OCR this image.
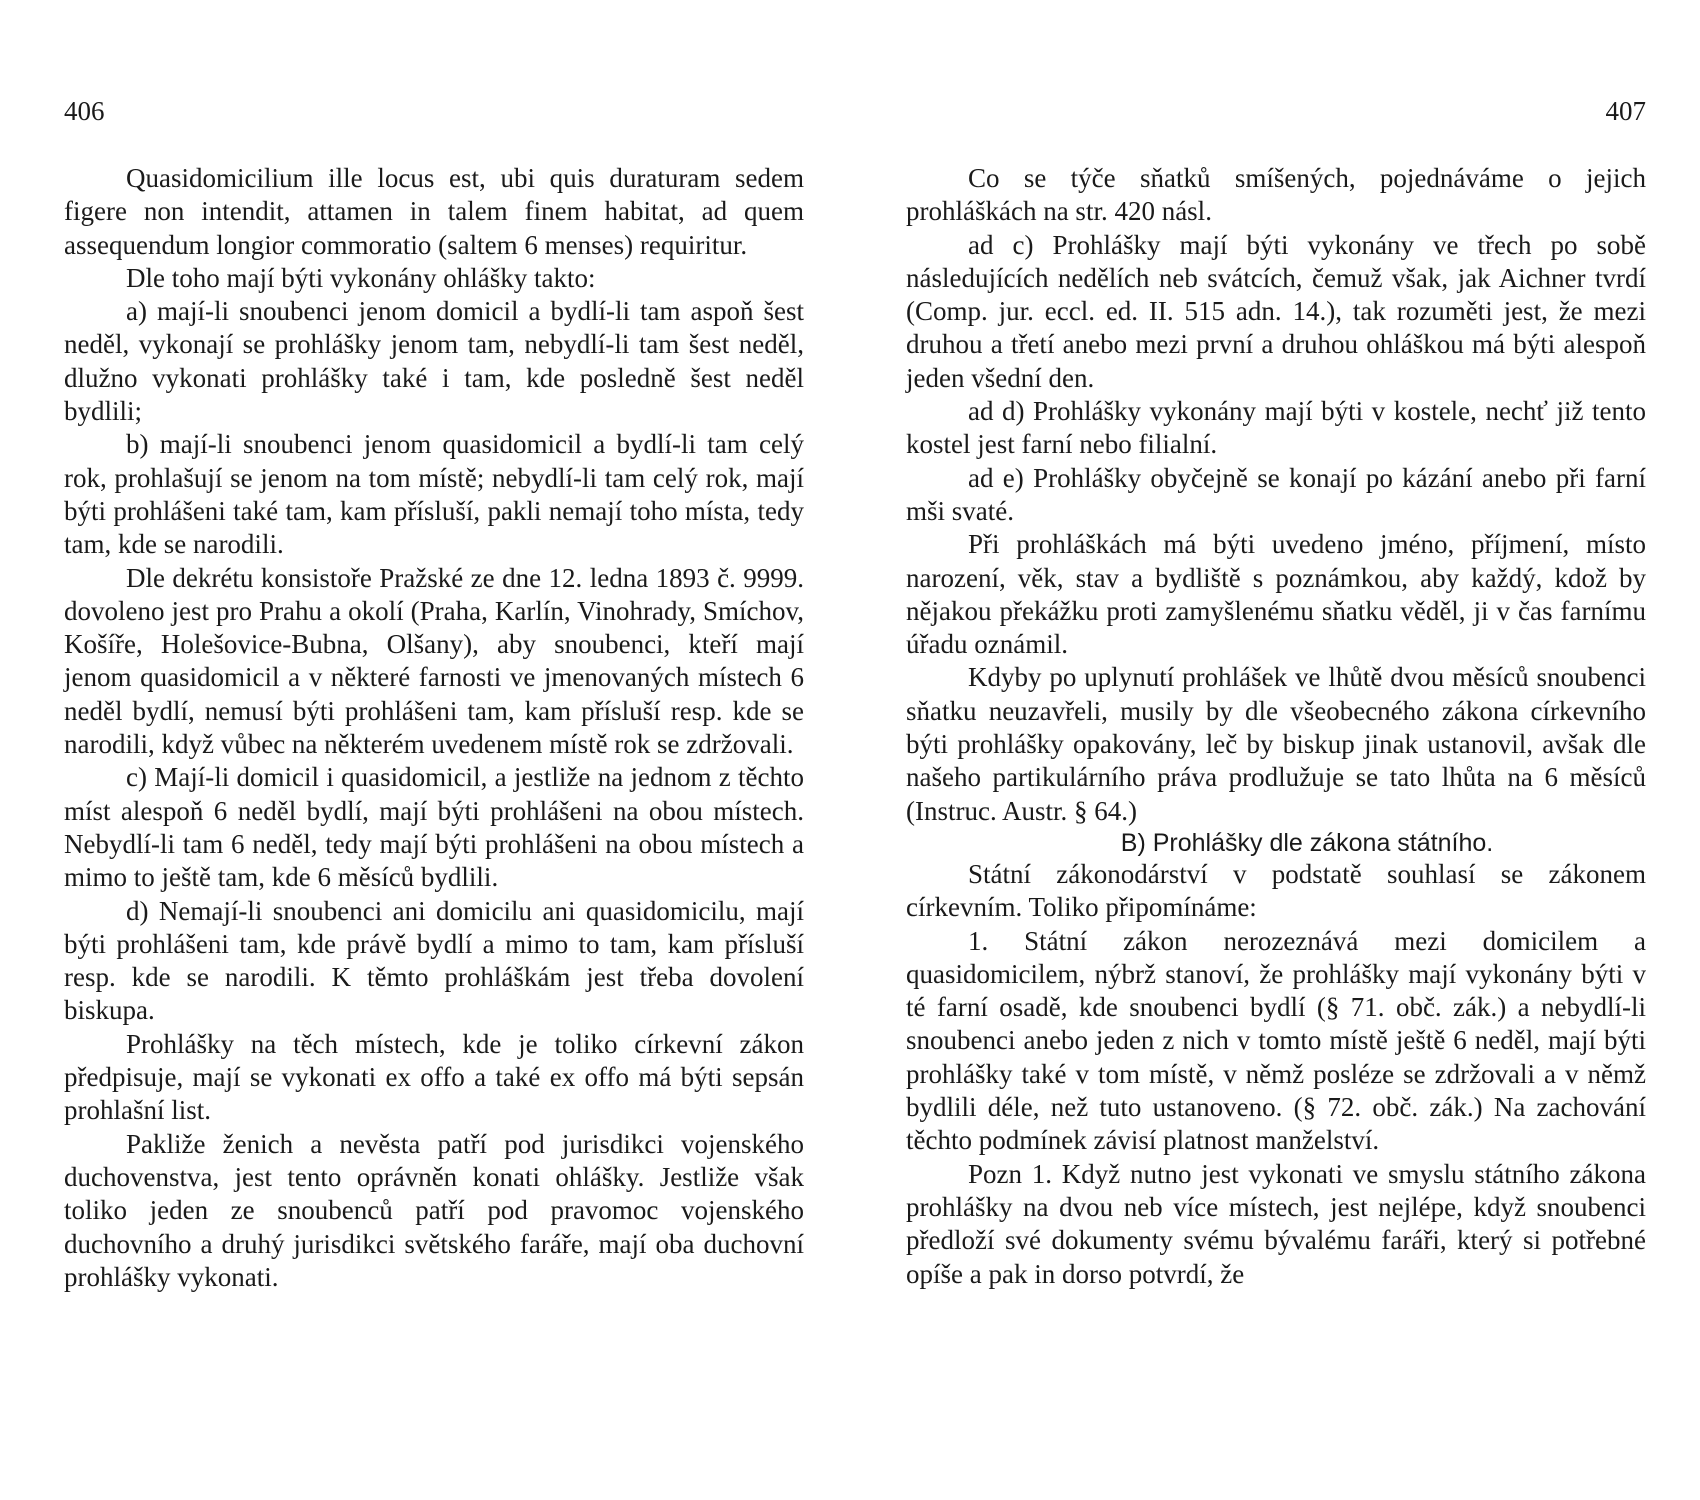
406

Quasidomicilium ille locus est, ubi quis duraturam sedem figere non intendit, attamen in talem finem habitat, ad quem assequendum longior commoratio (saltem 6 menses) requiritur.

Dle toho mají býti vykonány ohlášky takto:

a) mají-li snoubenci jenom domicil a bydlí-li tam aspoň šest neděl, vykonají se prohlášky jenom tam, nebydlí-li tam šest neděl, dlužno vykonati prohlášky také i tam, kde posledně šest neděl bydlili;

b) mají-li snoubenci jenom quasidomicil a bydlí-li tam celý rok, prohlašují se jenom na tom místě; nebydlí-li tam celý rok, mají býti prohlášeni také tam, kam přísluší, pakli nemají toho místa, tedy tam, kde se narodili.

Dle dekrétu konsistoře Pražské ze dne 12. ledna 1893 č. 9999. dovoleno jest pro Prahu a okolí (Praha, Karlín, Vinohrady, Smíchov, Košíře, Holešovice-Bubna, Olšany), aby snoubenci, kteří mají jenom quasidomicil a v některé farnosti ve jmenovaných místech 6 neděl bydlí, nemusí býti prohlášeni tam, kam přísluší resp. kde se narodili, když vůbec na některém uvedenem místě rok se zdržovali.

c) Mají-li domicil i quasidomicil, a jestliže na jednom z těchto míst alespoň 6 neděl bydlí, mají býti prohlášeni na obou místech. Nebydlí-li tam 6 neděl, tedy mají býti prohlášeni na obou místech a mimo to ještě tam, kde 6 měsíců bydlili.

d) Nemají-li snoubenci ani domicilu ani quasidomicilu, mají býti prohlášeni tam, kde právě bydlí a mimo to tam, kam přísluší resp. kde se narodili. K těmto prohláškám jest třeba dovolení biskupa.

Prohlášky na těch místech, kde je toliko církevní zákon předpisuje, mají se vykonati ex offo a také ex offo má býti sepsán prohlašní list.

Pakliže ženich a nevěsta patří pod jurisdikci vojenského duchovenstva, jest tento oprávněn konati ohlášky. Jestliže však toliko jeden ze snoubenců patří pod pravomoc vojenského duchovního a druhý jurisdikci světského faráře, mají oba duchovní prohlášky vykonati.

407

Co se týče sňatků smíšených, pojednáváme o jejich prohláškách na str. 420 násl.

ad c) Prohlášky mají býti vykonány ve třech po sobě následujících nedělích neb svátcích, čemuž však, jak Aichner tvrdí (Comp. jur. eccl. ed. II. 515 adn. 14.), tak rozuměti jest, že mezi druhou a třetí anebo mezi první a druhou ohláškou má býti alespoň jeden všední den.

ad d) Prohlášky vykonány mají býti v kostele, nechť již tento kostel jest farní nebo filialní.

ad e) Prohlášky obyčejně se konají po kázání anebo při farní mši svaté.

Při prohláškách má býti uvedeno jméno, příjmení, místo narození, věk, stav a bydliště s poznámkou, aby každý, kdož by nějakou překážku proti zamyšlenému sňatku věděl, ji v čas farnímu úřadu oznámil.

Kdyby po uplynutí prohlášek ve lhůtě dvou měsíců snoubenci sňatku neuzavřeli, musily by dle všeobecného zákona církevního býti prohlášky opakovány, leč by biskup jinak ustanovil, avšak dle našeho partikulárního práva prodlužuje se tato lhůta na 6 měsíců (Instruc. Austr. § 64.)

B) Prohlášky dle zákona státního.

Státní zákonodárství v podstatě souhlasí se zákonem církevním. Toliko připomínáme:

1. Státní zákon nerozeznává mezi domicilem a quasidomicilem, nýbrž stanoví, že prohlášky mají vykonány býti v té farní osadě, kde snoubenci bydlí (§ 71. obč. zák.) a nebydlí-li snoubenci anebo jeden z nich v tomto místě ještě 6 neděl, mají býti prohlášky také v tom místě, v němž posléze se zdržovali a v němž bydlili déle, než tuto ustanoveno. (§ 72. obč. zák.) Na zachování těchto podmínek závisí platnost manželství.

Pozn 1. Když nutno jest vykonati ve smyslu státního zákona prohlášky na dvou neb více místech, jest nejlépe, když snoubenci předloží své dokumenty svému bývalému faráři, který si potřebné opíše a pak in dorso potvrdí, že
